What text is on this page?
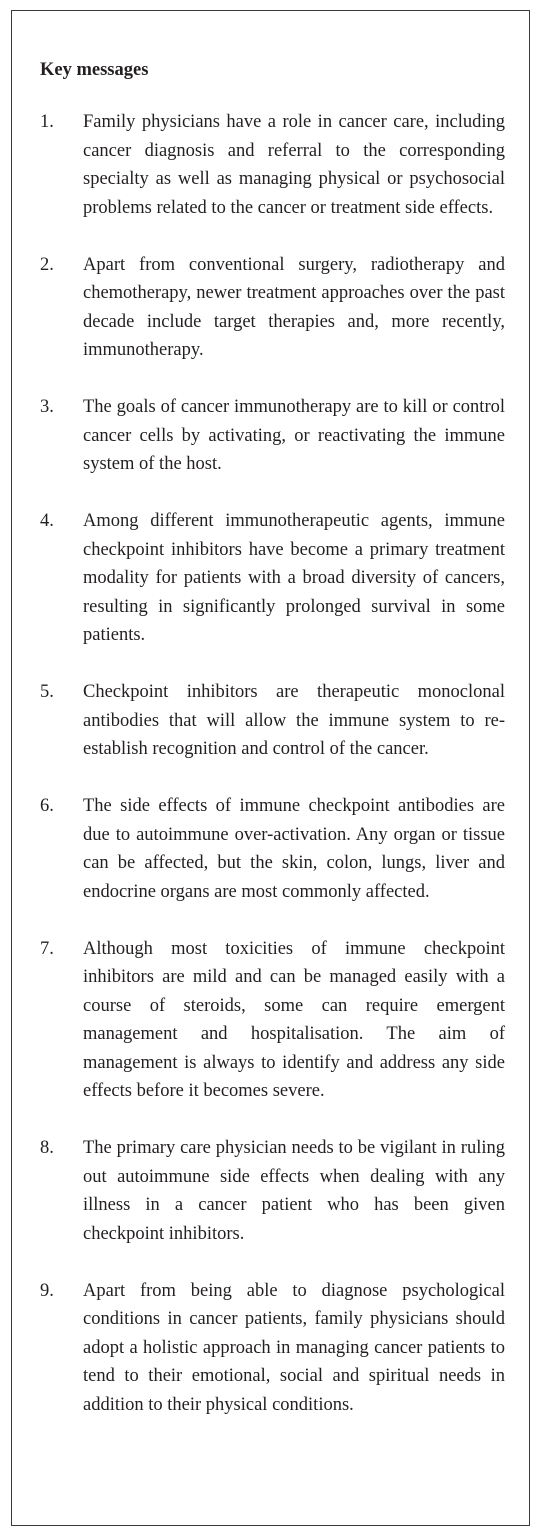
Key messages
1.	Family physicians have a role in cancer care, including cancer diagnosis and referral to the corresponding specialty as well as managing physical or psychosocial problems related to the cancer or treatment side effects.
2.	Apart from conventional surgery, radiotherapy and chemotherapy, newer treatment approaches over the past decade include target therapies and, more recently, immunotherapy.
3.	The goals of cancer immunotherapy are to kill or control cancer cells by activating, or reactivating the immune system of the host.
4.	Among different immunotherapeutic agents, immune checkpoint inhibitors have become a primary treatment modality for patients with a broad diversity of cancers, resulting in significantly prolonged survival in some patients.
5.	Checkpoint inhibitors are therapeutic monoclonal antibodies that will allow the immune system to re-establish recognition and control of the cancer.
6.	The side effects of immune checkpoint antibodies are due to autoimmune over-activation. Any organ or tissue can be affected, but the skin, colon, lungs, liver and endocrine organs are most commonly affected.
7.	Although most toxicities of immune checkpoint inhibitors are mild and can be managed easily with a course of steroids, some can require emergent management and hospitalisation. The aim of management is always to identify and address any side effects before it becomes severe.
8.	The primary care physician needs to be vigilant in ruling out autoimmune side effects when dealing with any illness in a cancer patient who has been given checkpoint inhibitors.
9.	Apart from being able to diagnose psychological conditions in cancer patients, family physicians should adopt a holistic approach in managing cancer patients to tend to their emotional, social and spiritual needs in addition to their physical conditions.
